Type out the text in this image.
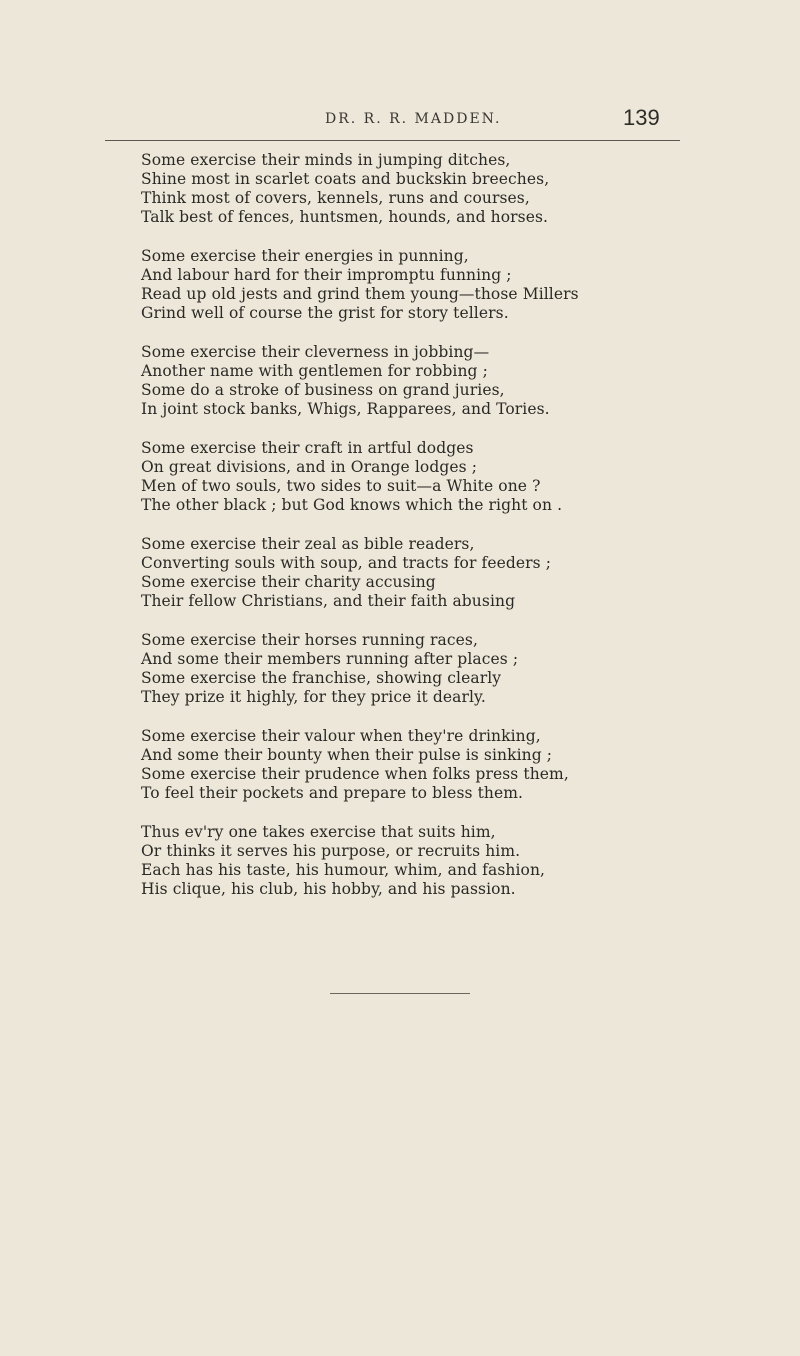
DR. R. R. MADDEN.	139
Some exercise their minds in jumping ditches,
Shine most in scarlet coats and buckskin breeches,
Think most of covers, kennels, runs and courses,
Talk best of fences, huntsmen, hounds, and horses.
Some exercise their energies in punning,
And labour hard for their impromptu funning ;
Read up old jests and grind them young—those Millers
Grind well of course the grist for story tellers.
Some exercise their cleverness in jobbing—
Another name with gentlemen for robbing ;
Some do a stroke of business on grand juries,
In joint stock banks, Whigs, Rapparees, and Tories.
Some exercise their craft in artful dodges
On great divisions, and in Orange lodges ;
Men of two souls, two sides to suit—a White one ?
The other black ; but God knows which the right on .
Some exercise their zeal as bible readers,
Converting souls with soup, and tracts for feeders ;
Some exercise their charity accusing
Their fellow Christians, and their faith abusing
Some exercise their horses running races,
And some their members running after places ;
Some exercise the franchise, showing clearly
They prize it highly, for they price it dearly.
Some exercise their valour when they're drinking,
And some their bounty when their pulse is sinking ;
Some exercise their prudence when folks press them,
To feel their pockets and prepare to bless them.
Thus ev'ry one takes exercise that suits him,
Or thinks it serves his purpose, or recruits him.
Each has his taste, his humour, whim, and fashion,
His clique, his club, his hobby, and his passion.
